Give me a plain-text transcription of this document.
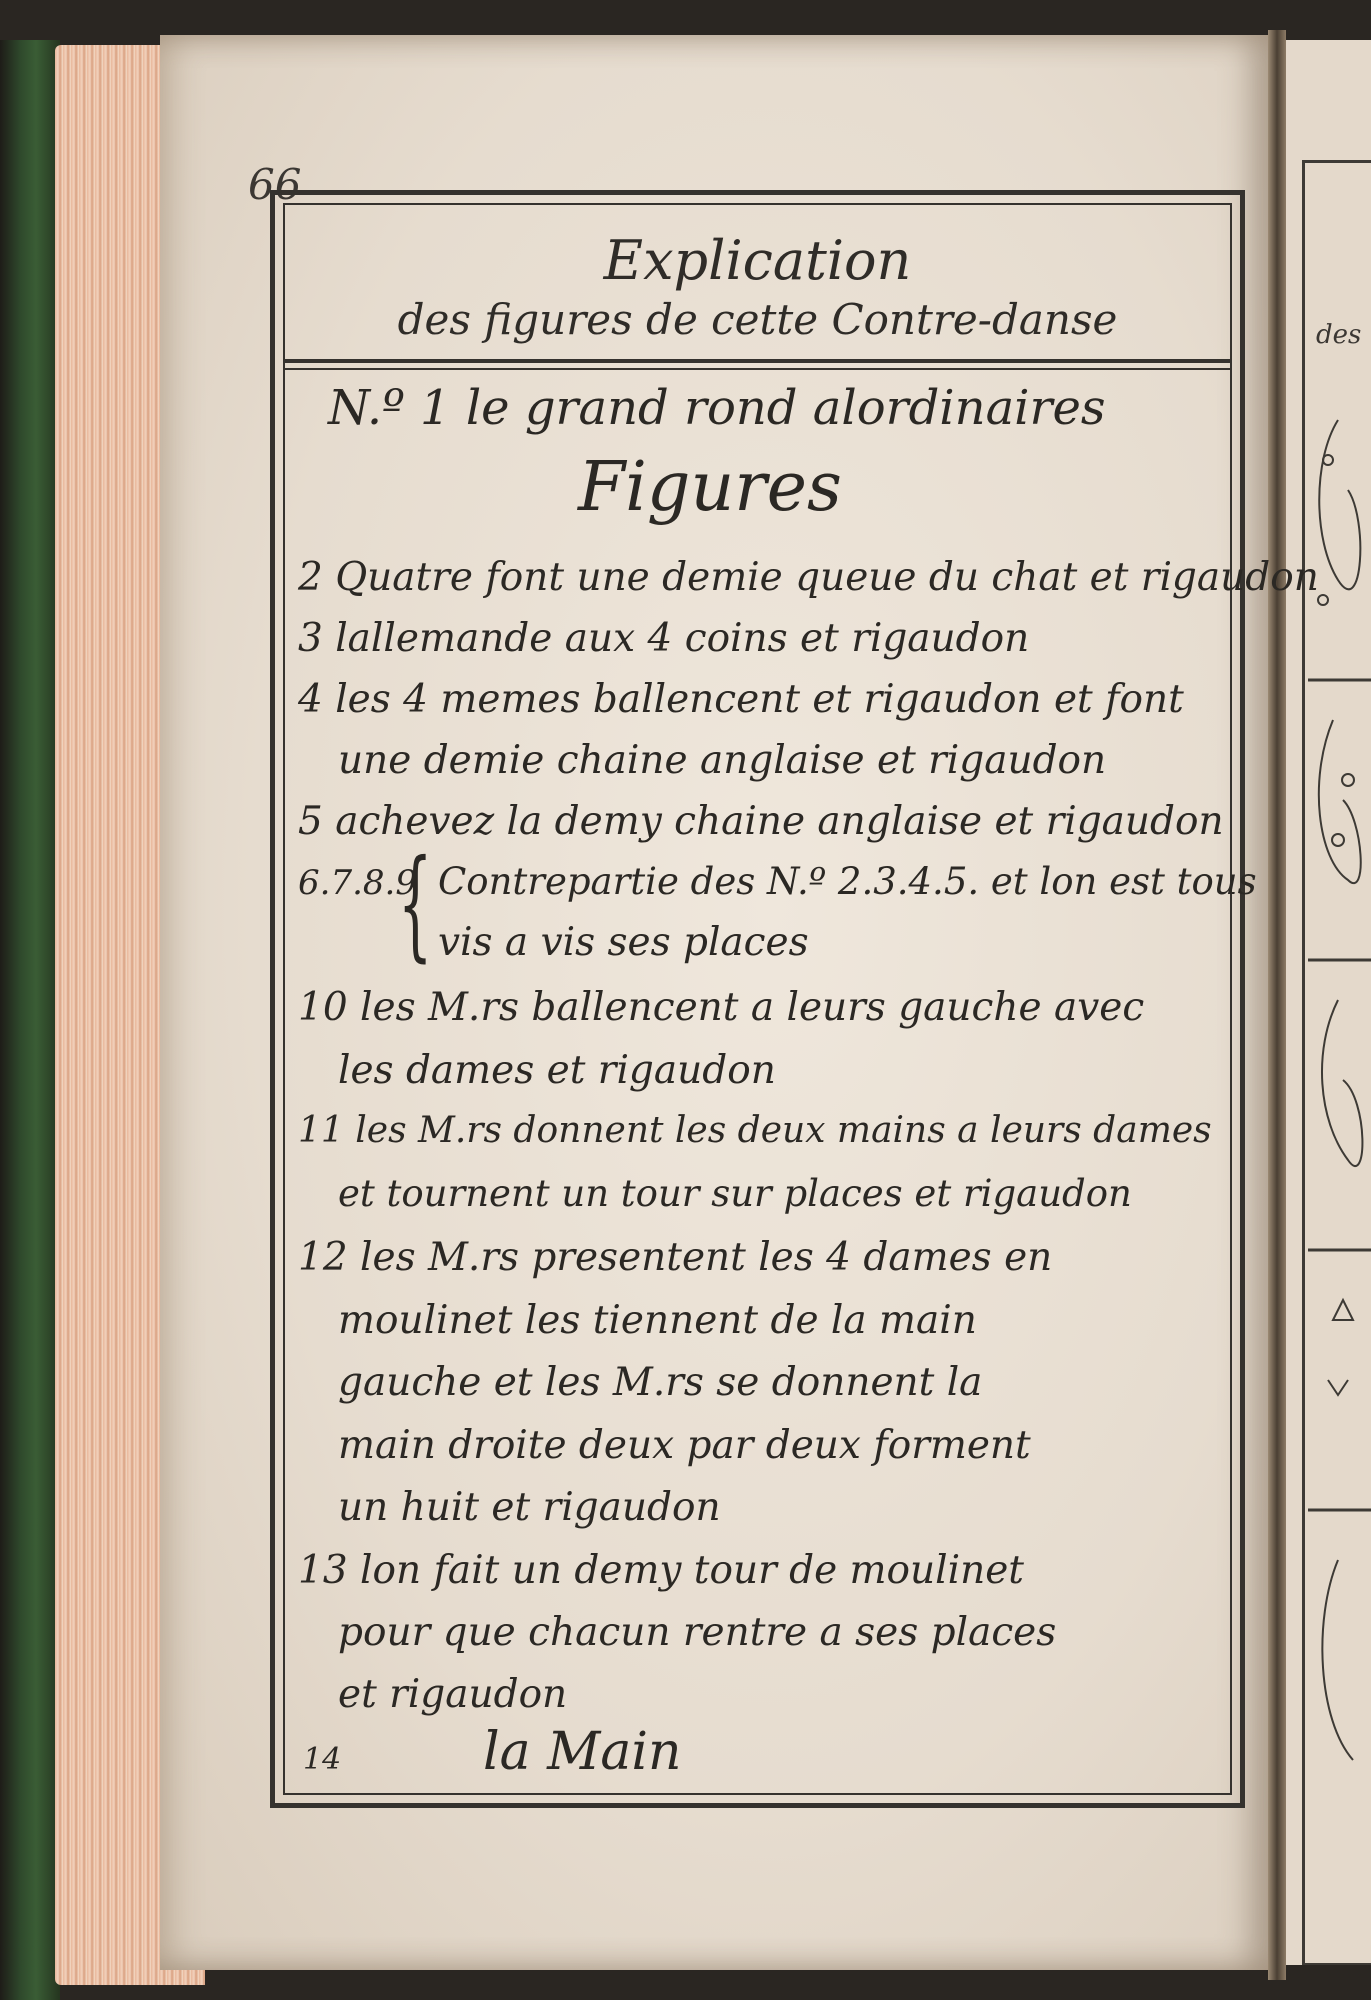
des
66
Explication
des figures de cette Contre-danse
N.º 1 le grand rond alordinaires
Figures
2 Quatre font une demie queue du chat et rigaudon
3 lallemande aux 4 coins et rigaudon
4 les 4 memes ballencent et rigaudon et font
une demie chaine anglaise et rigaudon
5 achevez la demy chaine anglaise et rigaudon
6.7.8.9
{ Contrepartie des N.º 2.3.4.5. et lon est tous
vis a vis ses places
10 les M.rs ballencent a leurs gauche avec
les dames et rigaudon
11 les M.rs donnent les deux mains a leurs dames
et tournent un tour sur places et rigaudon
12 les M.rs presentent les 4 dames en
moulinet les tiennent de la main
gauche et les M.rs se donnent la
main droite deux par deux forment
un huit et rigaudon
13 lon fait un demy tour de moulinet
pour que chacun rentre a ses places
et rigaudon
14	la Main
